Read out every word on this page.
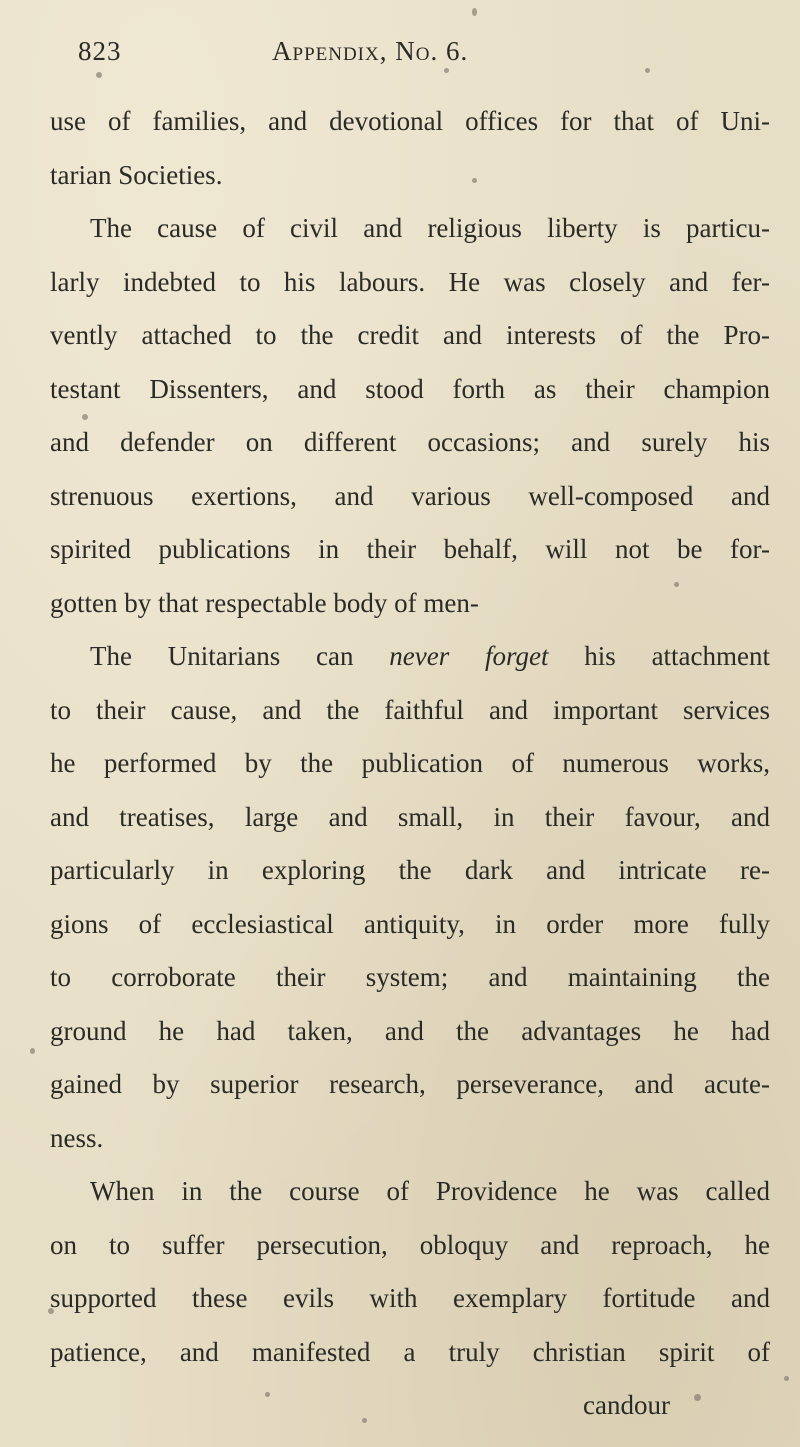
823	Appendix, No. 6.
use of families, and devotional offices for that of Uni-
tarian Societies.
The cause of civil and religious liberty is particu-
larly indebted to his labours. He was closely and fer-
vently attached to the credit and interests of the Pro-
testant Dissenters, and stood forth as their champion
and defender on different occasions; and surely his
strenuous exertions, and various well-composed and
spirited publications in their behalf, will not be for-
gotten by that respectable body of men-
The Unitarians can never forget his attachment
to their cause, and the faithful and important services
he performed by the publication of numerous works,
and treatises, large and small, in their favour, and
particularly in exploring the dark and intricate re-
gions of ecclesiastical antiquity, in order more fully
to corroborate their system; and maintaining the
ground he had taken, and the advantages he had
gained by superior research, perseverance, and acute-
ness.
When in the course of Providence he was called
on to suffer persecution, obloquy and reproach, he
supported these evils with exemplary fortitude and
patience, and manifested a truly christian spirit of
candour
